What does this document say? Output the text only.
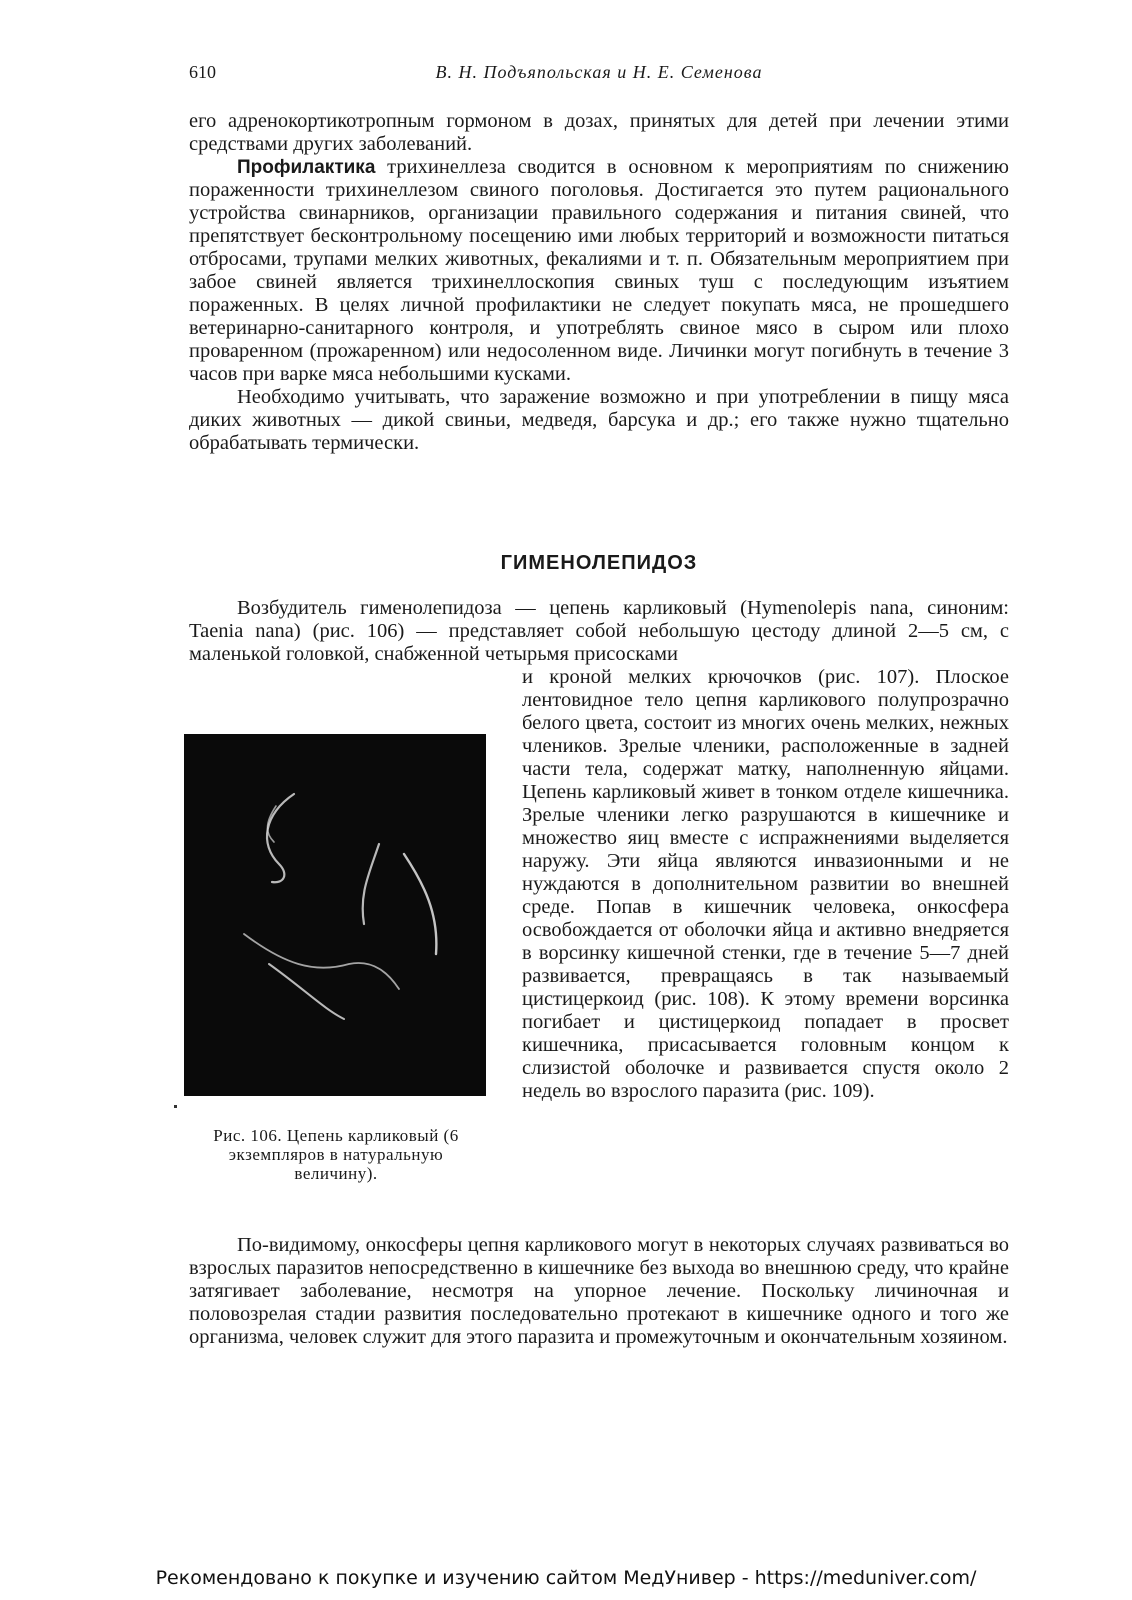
610	В. Н. Подъяпольская и Н. Е. Семенова

его адренокортикотропным гормоном в дозах, принятых для детей при лечении этими средствами других заболеваний.

Профилактика трихинеллеза сводится в основном к мероприятиям по снижению пораженности трихинеллезом свиного поголовья. Достигается это путем рационального устройства свинарников, организации правильного содержания и питания свиней, что препятствует бесконтрольному посещению ими любых территорий и возможности питаться отбросами, трупами мелких животных, фекалиями и т. п. Обязательным мероприятием при забое свиней является трихинеллоскопия свиных туш с последующим изъятием пораженных. В целях личной профилактики не следует покупать мяса, не прошедшего ветеринарно-санитарного контроля, и употреблять свиное мясо в сыром или плохо проваренном (прожаренном) или недосоленном виде. Личинки могут погибнуть в течение 3 часов при варке мяса небольшими кусками.

Необходимо учитывать, что заражение возможно и при употреблении в пищу мяса диких животных — дикой свиньи, медведя, барсука и др.; его также нужно тщательно обрабатывать термически.

ГИМЕНОЛЕПИДОЗ

Возбудитель гименолепидоза — цепень карликовый (Hymenolepis nana, синоним: Taenia nana) (рис. 106) — представляет собой небольшую цестоду длиной 2—5 см, с маленькой головкой, снабженной четырьмя присосками

Рис. 106. Цепень карликовый (6 экземпляров в натуральную величину).

и кроной мелких крючочков (рис. 107). Плоское лентовидное тело цепня карликового полупрозрачно белого цвета, состоит из многих очень мелких, нежных члеников. Зрелые членики, расположенные в задней части тела, содержат матку, наполненную яйцами. Цепень карликовый живет в тонком отделе кишечника. Зрелые членики легко разрушаются в кишечнике и множество яиц вместе с испражнениями выделяется наружу. Эти яйца являются инвазионными и не нуждаются в дополнительном развитии во внешней среде. Попав в кишечник человека, онкосфера освобождается от оболочки яйца и активно внедряется в ворсинку кишечной стенки, где в течение 5—7 дней развивается, превращаясь в так называемый цистицеркоид (рис. 108). К этому времени ворсинка погибает и цистицеркоид попадает в просвет кишечника, присасывается головным концом к слизистой оболочке и развивается спустя около 2 недель во взрослого паразита (рис. 109).

По-видимому, онкосферы цепня карликового могут в некоторых случаях развиваться во взрослых паразитов непосредственно в кишечнике без выхода во внешнюю среду, что крайне затягивает заболевание, несмотря на упорное лечение. Поскольку личиночная и половозрелая стадии развития последовательно протекают в кишечнике одного и того же организма, человек служит для этого паразита и промежуточным и окончательным хозяином.

Рекомендовано к покупке и изучению сайтом МедУнивер - https://meduniver.com/
